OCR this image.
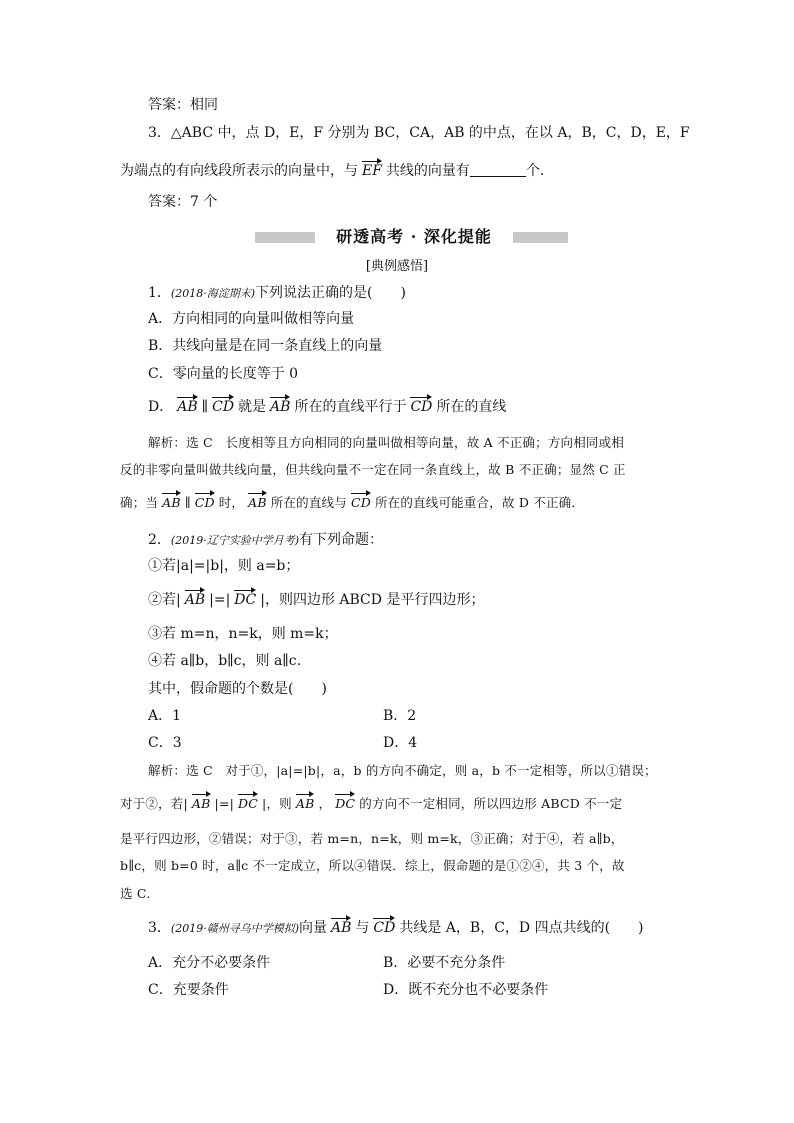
答案：相同
3．△ABC 中，点 D，E，F 分别为 BC，CA，AB 的中点，在以 A，B，C，D，E，F
为端点的有向线段所表示的向量中，与 EF 共线的向量有	个．
答案：7 个
研透高考 · 深化提能
[典例感悟]
1．(2018·海淀期末)下列说法正确的是(　　)
A．方向相同的向量叫做相等向量
B．共线向量是在同一条直线上的向量
C．零向量的长度等于 0
D． AB ∥ CD 就是 AB 所在的直线平行于 CD 所在的直线
解析：选 C　长度相等且方向相同的向量叫做相等向量，故 A 不正确；方向相同或相
反的非零向量叫做共线向量，但共线向量不一定在同一条直线上，故 B 不正确；显然 C 正
确；当 AB ∥ CD 时， AB 所在的直线与 CD 所在的直线可能重合，故 D 不正确．
2．(2019·辽宁实验中学月考)有下列命题：
①若|a|=|b|，则 a=b；
②若| AB |=| DC |，则四边形 ABCD 是平行四边形；
③若 m=n，n=k，则 m=k；
④若 a∥b，b∥c，则 a∥c.
其中，假命题的个数是(　　)
A．1	B．2
C．3	D．4
解析：选 C　对于①，|a|=|b|，a，b 的方向不确定，则 a，b 不一定相等，所以①错误；
对于②，若| AB |=| DC |，则 AB ， DC 的方向不一定相同，所以四边形 ABCD 不一定
是平行四边形，②错误；对于③，若 m=n，n=k，则 m=k，③正确；对于④，若 a∥b，
b∥c，则 b=0 时，a∥c 不一定成立，所以④错误．综上，假命题的是①②④，共 3 个，故
选 C.
3．(2019·赣州寻乌中学模拟)向量 AB 与 CD 共线是 A，B，C，D 四点共线的(　　)
A．充分不必要条件	B．必要不充分条件
C．充要条件	D．既不充分也不必要条件
